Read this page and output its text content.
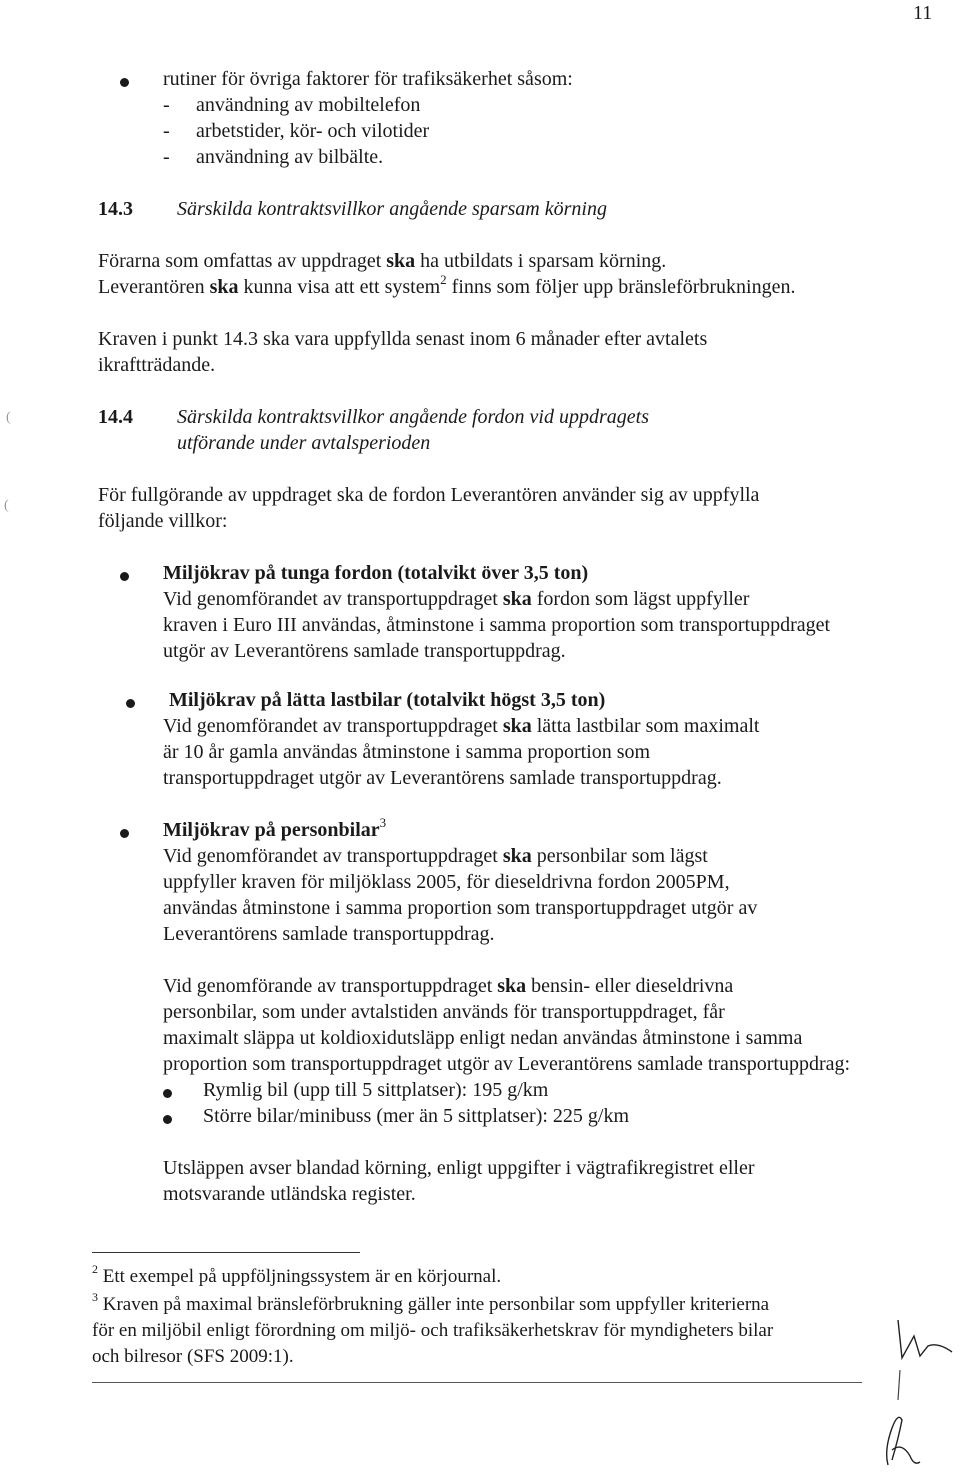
11
rutiner för övriga faktorer för trafiksäkerhet såsom:
- användning av mobiltelefon
- arbetstider, kör- och vilotider
- användning av bilbälte.
14.3 Särskilda kontraktsvillkor angående sparsam körning
Förarna som omfattas av uppdraget ska ha utbildats i sparsam körning.
Leverantören ska kunna visa att ett system$^2$ finns som följer upp bränsleförbrukningen.
Kraven i punkt 14.3 ska vara uppfyllda senast inom 6 månader efter avtalets
ikraftträdande.
14.4 Särskilda kontraktsvillkor angående fordon vid uppdragets
utförande under avtalsperioden
För fullgörande av uppdraget ska de fordon Leverantören använder sig av uppfylla
följande villkor:
Miljökrav på tunga fordon (totalvikt över 3,5 ton)
Vid genomförandet av transportuppdraget ska fordon som lägst uppfyller
kraven i Euro III användas, åtminstone i samma proportion som transportuppdraget
utgör av Leverantörens samlade transportuppdrag.
Miljökrav på lätta lastbilar (totalvikt högst 3,5 ton)
Vid genomförandet av transportuppdraget ska lätta lastbilar som maximalt
är 10 år gamla användas åtminstone i samma proportion som
transportuppdraget utgör av Leverantörens samlade transportuppdrag.
Miljökrav på personbilar$^3$
Vid genomförandet av transportuppdraget ska personbilar som lägst
uppfyller kraven för miljöklass 2005, för dieseldrivna fordon 2005PM,
användas åtminstone i samma proportion som transportuppdraget utgör av
Leverantörens samlade transportuppdrag.
Vid genomförande av transportuppdraget ska bensin- eller dieseldrivna
personbilar, som under avtalstiden används för transportuppdraget, får
maximalt släppa ut koldioxidutsläpp enligt nedan användas åtminstone i samma
proportion som transportuppdraget utgör av Leverantörens samlade transportuppdrag:
Rymlig bil (upp till 5 sittplatser): 195 g/km
Större bilar/minibuss (mer än 5 sittplatser): 225 g/km
Utsläppen avser blandad körning, enligt uppgifter i vägtrafikregistret eller
motsvarande utländska register.
$^2$ Ett exempel på uppföljningssystem är en körjournal.
$^3$ Kraven på maximal bränsleförbrukning gäller inte personbilar som uppfyller kriterierna
för en miljöbil enligt förordning om miljö- och trafiksäkerhetskrav för myndigheters bilar
och bilresor (SFS 2009:1).
(
(
